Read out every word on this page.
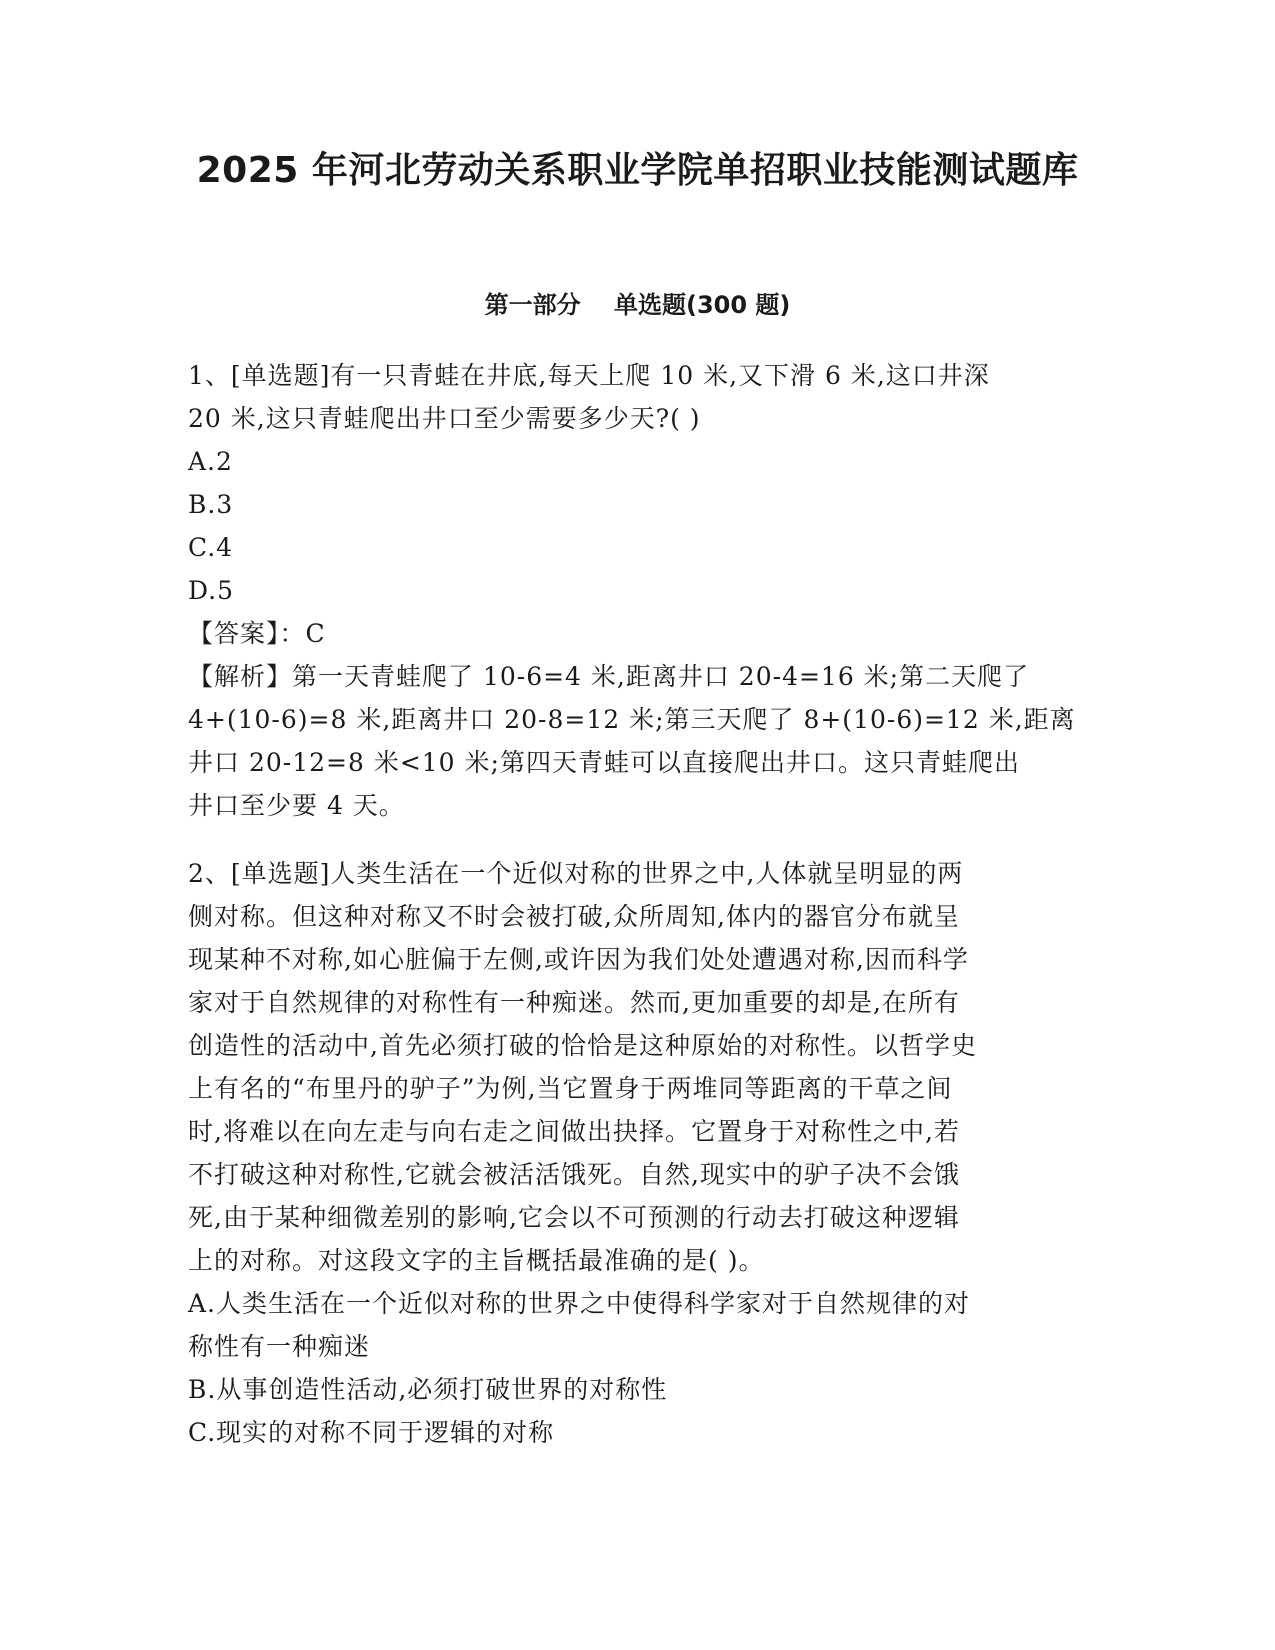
2025 年河北劳动关系职业学院单招职业技能测试题库
第一部分    单选题(300 题)
1、[单选题]有一只青蛙在井底,每天上爬 10 米,又下滑 6 米,这口井深
20 米,这只青蛙爬出井口至少需要多少天?( )
A.2
B.3
C.4
D.5
【答案】：C
【解析】第一天青蛙爬了 10-6=4 米,距离井口 20-4=16 米;第二天爬了
4+(10-6)=8 米,距离井口 20-8=12 米;第三天爬了 8+(10-6)=12 米,距离
井口 20-12=8 米<10 米;第四天青蛙可以直接爬出井口。这只青蛙爬出
井口至少要 4 天。
2、[单选题]人类生活在一个近似对称的世界之中,人体就呈明显的两
侧对称。但这种对称又不时会被打破,众所周知,体内的器官分布就呈
现某种不对称,如心脏偏于左侧,或许因为我们处处遭遇对称,因而科学
家对于自然规律的对称性有一种痴迷。然而,更加重要的却是,在所有
创造性的活动中,首先必须打破的恰恰是这种原始的对称性。以哲学史
上有名的“布里丹的驴子”为例,当它置身于两堆同等距离的干草之间
时,将难以在向左走与向右走之间做出抉择。它置身于对称性之中,若
不打破这种对称性,它就会被活活饿死。自然,现实中的驴子决不会饿
死,由于某种细微差别的影响,它会以不可预测的行动去打破这种逻辑
上的对称。对这段文字的主旨概括最准确的是( )。
A.人类生活在一个近似对称的世界之中使得科学家对于自然规律的对
称性有一种痴迷
B.从事创造性活动,必须打破世界的对称性
C.现实的对称不同于逻辑的对称
